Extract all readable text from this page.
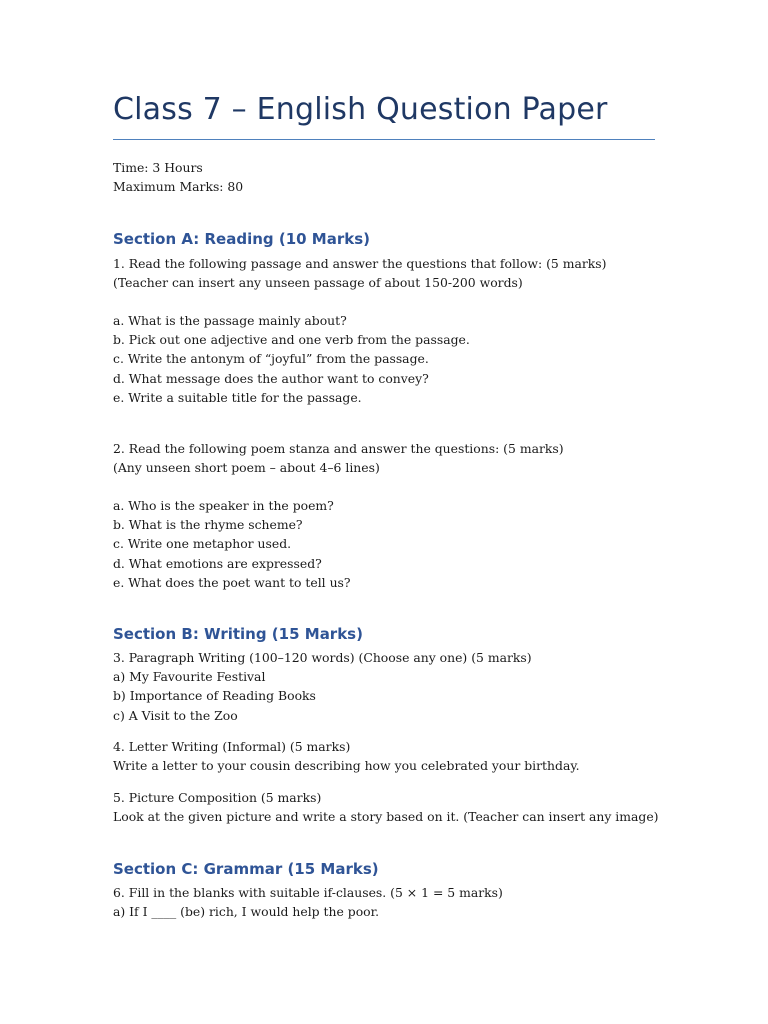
Class 7 – English Question Paper
Time: 3 Hours
Maximum Marks: 80
Section A: Reading (10 Marks)
1. Read the following passage and answer the questions that follow: (5 marks)
(Teacher can insert any unseen passage of about 150-200 words)
a. What is the passage mainly about?
b. Pick out one adjective and one verb from the passage.
c. Write the antonym of “joyful” from the passage.
d. What message does the author want to convey?
e. Write a suitable title for the passage.
2. Read the following poem stanza and answer the questions: (5 marks)
(Any unseen short poem – about 4–6 lines)
a. Who is the speaker in the poem?
b. What is the rhyme scheme?
c. Write one metaphor used.
d. What emotions are expressed?
e. What does the poet want to tell us?
Section B: Writing (15 Marks)
3. Paragraph Writing (100–120 words) (Choose any one) (5 marks)
a) My Favourite Festival
b) Importance of Reading Books
c) A Visit to the Zoo
4. Letter Writing (Informal) (5 marks)
Write a letter to your cousin describing how you celebrated your birthday.
5. Picture Composition (5 marks)
Look at the given picture and write a story based on it. (Teacher can insert any image)
Section C: Grammar (15 Marks)
6. Fill in the blanks with suitable if-clauses. (5 × 1 = 5 marks)
a) If I ____ (be) rich, I would help the poor.
